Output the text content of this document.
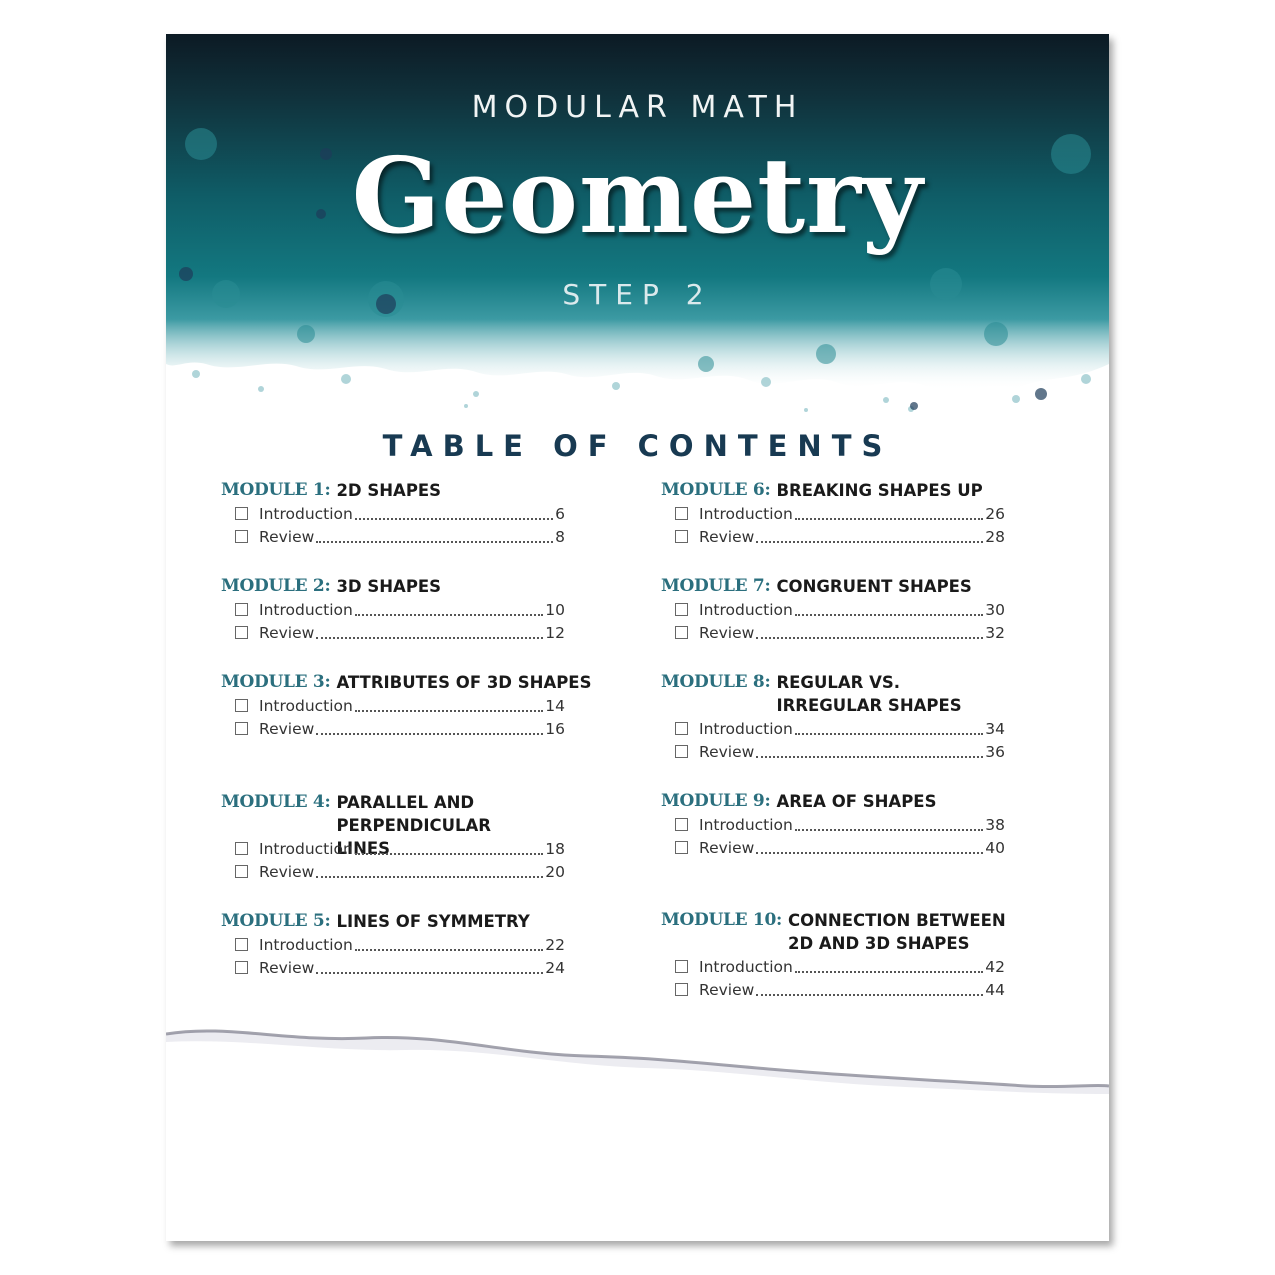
MODULAR MATH
Geometry
STEP 2
TABLE OF CONTENTS
MODULE 1: 2D SHAPES
Introduction	6
Review	8
MODULE 2: 3D SHAPES
Introduction	10
Review	12
MODULE 3: ATTRIBUTES OF 3D SHAPES
Introduction	14
Review	16
MODULE 4: PARALLEL AND PERPENDICULAR LINES
Introduction	18
Review	20
MODULE 5: LINES OF SYMMETRY
Introduction	22
Review	24
MODULE 6: BREAKING SHAPES UP
Introduction	26
Review	28
MODULE 7: CONGRUENT SHAPES
Introduction	30
Review	32
MODULE 8: REGULAR VS. IRREGULAR SHAPES
Introduction	34
Review	36
MODULE 9: AREA OF SHAPES
Introduction	38
Review	40
MODULE 10: CONNECTION BETWEEN 2D AND 3D SHAPES
Introduction	42
Review	44
